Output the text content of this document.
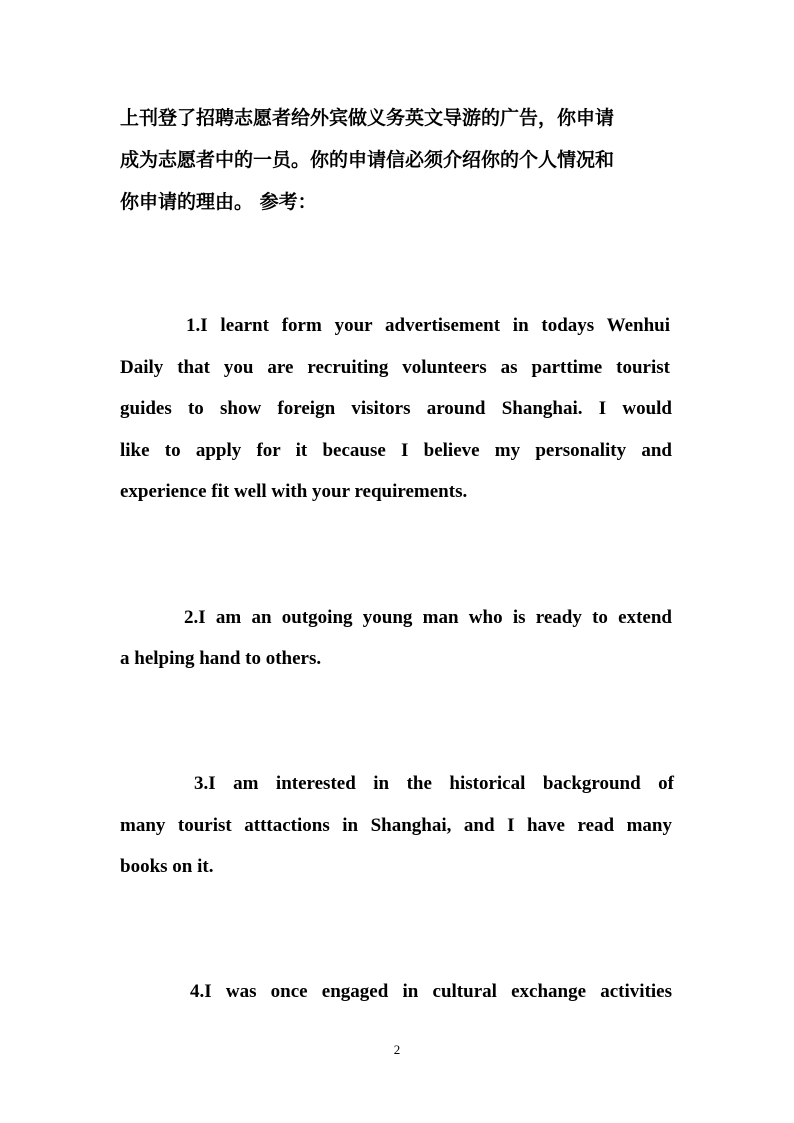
上刊登了招聘志愿者给外宾做义务英文导游的广告，你申请
成为志愿者中的一员。你的申请信必须介绍你的个人情况和
你申请的理由。 参考：
1.I learnt form your advertisement in todays Wenhui
Daily that you are recruiting volunteers as parttime tourist
guides to show foreign visitors around Shanghai. I would
like to apply for it because I believe my personality and
experience fit well with your requirements.
2.I am an outgoing young man who is ready to extend
a helping hand to others.
3.I am interested in the historical background of
many tourist atttactions in Shanghai, and I have read many
books on it.
4.I was once engaged in cultural exchange activities
2
